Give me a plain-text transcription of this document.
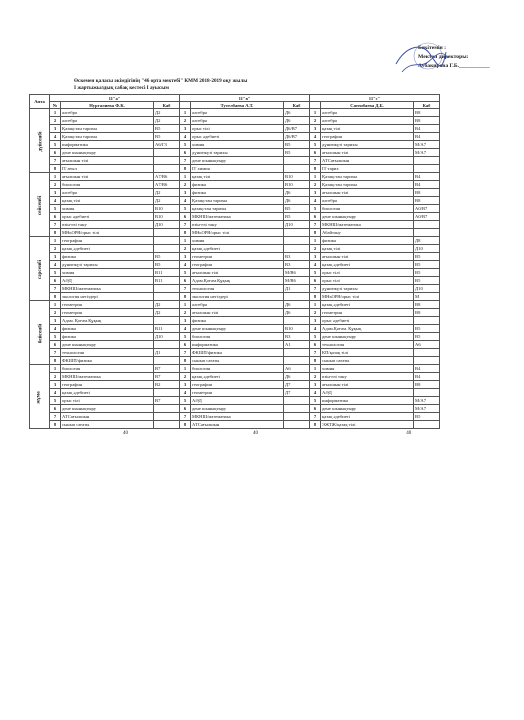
Бекітемін :
Мектеп директоры:
Аубакирова Г.Б.___________
Өскемен қаласы әкімдігінің "46 орта мектебі" КММ 2018-2019 оқу жылы
І жартыжылдық сабақ кестесі І ауысым
Апта	11"а"			11"в"			11"с"		
	№	Нургалиева Ф.К.	Каб		Тутелбаева А.Т.	Каб		Сатенбаева Д.Б.	Каб
дүйсенбі	1	алгебра	Д2	1	алгебра	Д6	1	алгебра	В8
	2	алгебра	Д2	2	алгебра	Д6	2	алгебра	В8
	3	Қазақстан тарихы	В5	3	орыс тілі	Д6/В7	3	қазақ тілі	В4
	4	Қазақстан тарихы	В5	4	орыс әдебиеті	Д6/В7	4	география	В4
	5	информатика	А6/Г3	5	химия	В5	5	дүниежүзі тарихы	М/А7
	6	дене шынықтыру		6	дүниежүзі тарихы	В5	6	ағылшын тілі	М/А7
	7	ағылшын тілі		7	дене шынықтыру		7	АТСағылшын	
	8	ІТ ағыл		8	ІТ химия		8	ІТ тарих	
сейсенбі	1	ағылшын тілі	А7/В6	1	қазақ тілі	В10	1	Қазақстан тарихы	В4
	2	биология	А7/В6	2	физика	В10	2	Қазақстан тарихы	В4
	3	алгебра	Д2	3	физика	Д6	3	ағылшын тілі	В8
	4	қазақ тілі	Д2	4	Қазақстан тарихы	Д6	4	алгебра	В8
	5	химия	В10	5	қазақстан тарихы	В5	5	биология	А0/В7
	6	орыс әдебиеті	В10	6	МКНШ/математика	В5	6	дене шынықтыру	А0/В7
	7	өзін-өзі тану	Д10	7	өзін-өзі тану	Д10	7	МКНШ/математика	
	8	МНьОРЯ/орыс тілі		8	МНьОРЯ/орыс тілі		8	Абайтану	
сәрсенбі	1	география		1	химия		1	физика	Д8
	2	қазақ әдебиеті		2	қазақ әдебиеті		2	қазақ тілі	Д10
	3	физика	В5	3	геометрия	В3	3	ағылшын тілі	В5
	4	дүниежүзі тарихы	В5	4	география	В3	4	қазақ әдебиеті	В5
	5	химия	В11	5	ағылшын тілі	М/В6	5	орыс тілі	В5
	6	АӘД	В11	6	Адам.Қоғам.Құқық	М/В6	6	орыс тілі	В5
	7	МКНШ/математика		7	технология	Д1	7	дүниежүзі тарихы	Д10
	8	экология негіздері		8	экология негіздері		8	МНьОРЯ/орыс тілі	М
бейсенбі	1	геометрия	Д2	1	алгебра	Д6	1	қазақ әдебиеті	В8
	2	геометрия	Д2	2	ағылшын тілі	Д6	2	геометрия	В8
	3	Адам. Қоғам.Құқық		3	физика		3	орыс әдебиеті	
	4	физика	В11	4	дене шынықтыру	В10	4	Адам.Қоғам. Құқық	В5
	5	физика	Д10	5	биология	В3	5	дене шынықтыру	В5
	6	дене шынықтыру		6	информатика	А1	6	технология	А6
	7	технология	Д1	7	ФКШП/физика		7	КП/қазақ тілі	
	8	ФКШП/физика		8	сынып сағаты		8	сынып сағаты	
жұма	1	биология	В7	1	биология	А6	1	химия	В4
	2	МКНШ/математика	В7	2	қазақ әдебиеті	Д6	2	өзін-өзі тану	В4
	3	география	В2	3	география	Д7	3	ағылшын тілі	В8
	4	қазақ әдебиеті		4	геометрия	Д7	4	АӘД	
	5	орыс тілі	В7	5	АӘД		5	информатика	М/А7
	6	дене шынықтыру		6	дене шынықтыру		6	дене шынықтыру	М/А7
	7	АТСағылшын		7	МКНШ/математика		7	қазақ әдебиеті	В5
	8	сынып сағаты		8	АТСағылшын		8	ЭЖТЖ/қазақ тілі	
		40			40			40	
